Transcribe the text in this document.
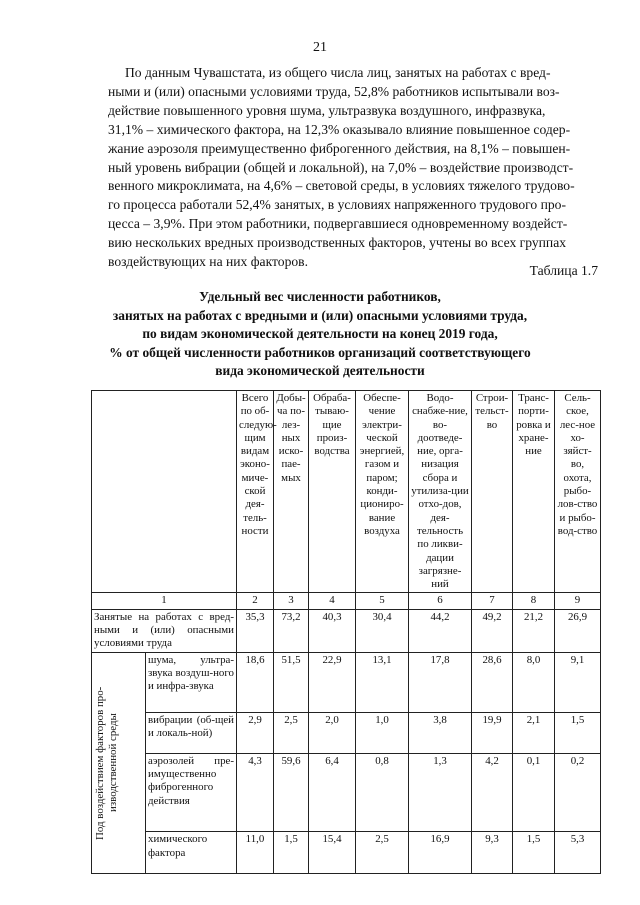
21

По данным Чувашстата, из общего числа лиц, занятых на работах с вред-
ными и (или) опасными условиями труда, 52,8% работников испытывали воз-
действие повышенного уровня шума, ультразвука воздушного, инфразвука,
31,1% – химического фактора, на 12,3% оказывало влияние повышенное содер-
жание аэрозоля преимущественно фиброгенного действия, на 8,1% – повышен-
ный уровень вибрации (общей и локальной), на 7,0% – воздействие производст-
венного микроклимата, на 4,6% – световой среды, в условиях тяжелого трудово-
го процесса работали 52,4% занятых, в условиях напряженного трудового про-
цесса – 3,9%. При этом работники, подвергавшиеся одновременному воздейст-
вию нескольких вредных производственных факторов, учтены во всех группах
воздействующих на них факторов.

Таблица 1.7
Удельный вес численности работников,
занятых на работах с вредными и (или) опасными условиями труда,
по видам экономической деятельности на конец 2019 года,
% от общей численности работников организаций соответствующего
вида экономической деятельности
		Всего по об-следую-щим видам эконо-миче-ской дея-тель-ности	Добы-ча по-лез-ных иско-пае-мых	Обраба-тываю-щие произ-водства	Обеспе-чение электри-ческой энергией, газом и паром; конди-циониро-вание воздуха	Водо-снабже-ние, во-доотведе-ние, орга-низация сбора и утилиза-ции отхо-дов, дея-тельность по ликви-дации загрязне-ний	Строи-тельст-во	Транс-порти-ровка и хране-ние	Сель-ское, лес-ное хо-зяйст-во, охота, рыбо-лов-ство и рыбо-вод-ство
1		2	3	4	5	6	7	8	9
Занятые на работах с вред-ными и (или) опасными условиями труда		35,3	73,2	40,3	30,4	44,2	49,2	21,2	26,9

Под воздействием факторов про-изводственной среды	шума, ультра-звука воздуш-ного и инфра-звука	18,6	51,5	22,9	13,1	17,8	28,6	8,0	9,1
	вибрации (об-щей и локаль-ной)	2,9	2,5	2,0	1,0	3,8	19,9	2,1	1,5
	аэрозолей пре-имущественно фиброгенного действия	4,3	59,6	6,4	0,8	1,3	4,2	0,1	0,2
	химического фактора	11,0	1,5	15,4	2,5	16,9	9,3	1,5	5,3
